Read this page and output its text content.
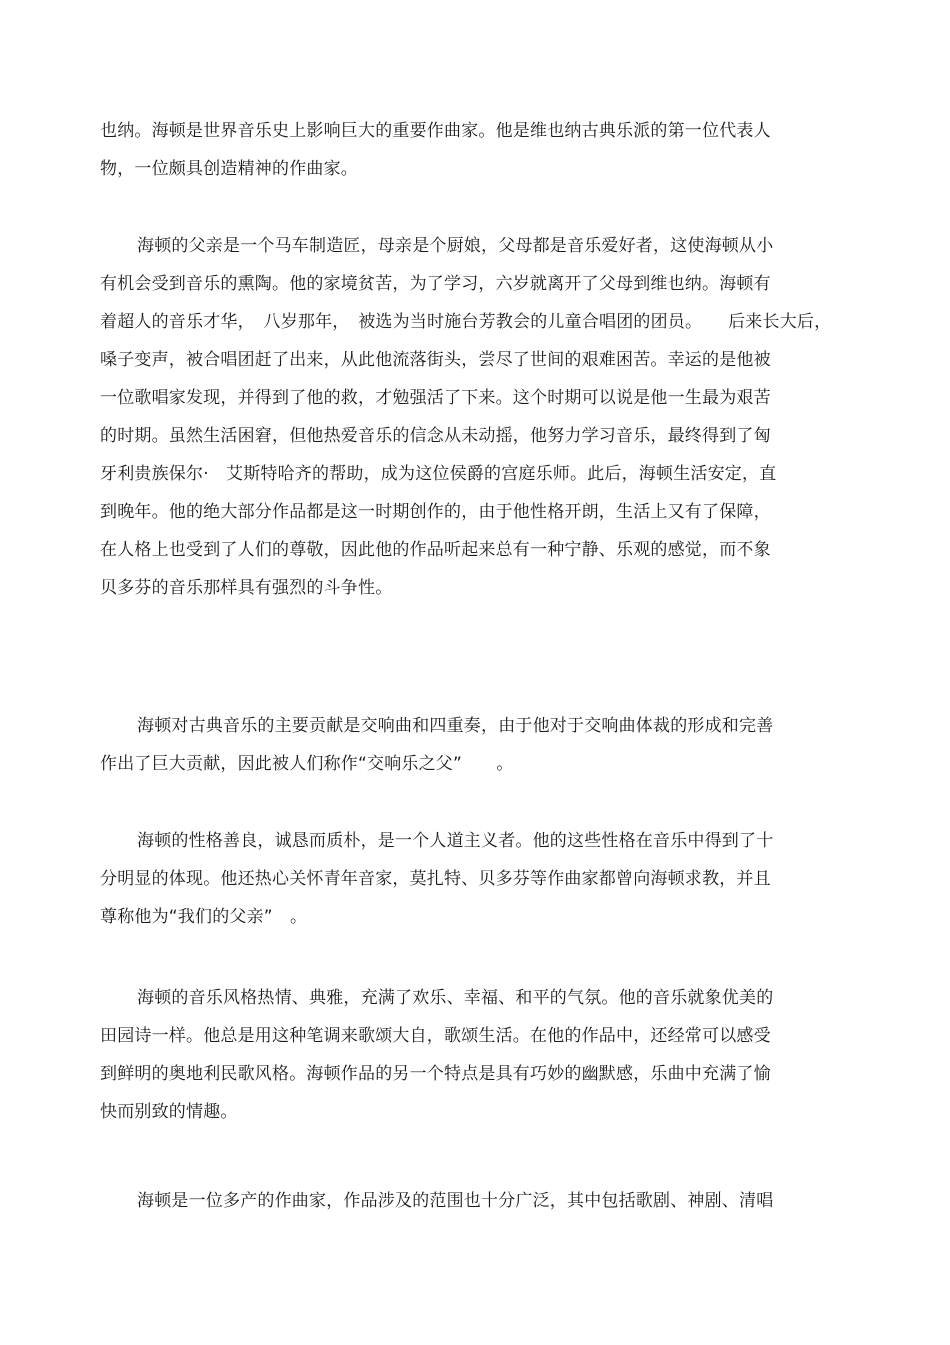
也纳。海顿是世界音乐史上影响巨大的重要作曲家。他是维也纳古典乐派的第一位代表人
物，一位颇具创造精神的作曲家。
海顿的父亲是一个马车制造匠，母亲是个厨娘，父母都是音乐爱好者，这使海顿从小
有机会受到音乐的熏陶。他的家境贫苦，为了学习，六岁就离开了父母到维也纳。海顿有
着超人的音乐才华，　八岁那年，　被选为当时施台芳教会的儿童合唱团的团员。　　后来长大后，
嗓子变声，被合唱团赶了出来，从此他流落街头，尝尽了世间的艰难困苦。幸运的是他被
一位歌唱家发现，并得到了他的救，才勉强活了下来。这个时期可以说是他一生最为艰苦
的时期。虽然生活困窘，但他热爱音乐的信念从未动摇，他努力学习音乐，最终得到了匈
牙利贵族保尔·　艾斯特哈齐的帮助，成为这位侯爵的宫庭乐师。此后，海顿生活安定，直
到晚年。他的绝大部分作品都是这一时期创作的，由于他性格开朗，生活上又有了保障，
在人格上也受到了人们的尊敬，因此他的作品听起来总有一种宁静、乐观的感觉，而不象
贝多芬的音乐那样具有强烈的斗争性。
海顿对古典音乐的主要贡献是交响曲和四重奏，由于他对于交响曲体裁的形成和完善
作出了巨大贡献，因此被人们称作“交响乐之父”　　。
海顿的性格善良，诚恳而质朴，是一个人道主义者。他的这些性格在音乐中得到了十
分明显的体现。他还热心关怀青年音家，莫扎特、贝多芬等作曲家都曾向海顿求教，并且
尊称他为“我们的父亲”　。
海顿的音乐风格热情、典雅，充满了欢乐、幸福、和平的气氛。他的音乐就象优美的
田园诗一样。他总是用这种笔调来歌颂大自，歌颂生活。在他的作品中，还经常可以感受
到鲜明的奥地利民歌风格。海顿作品的另一个特点是具有巧妙的幽默感，乐曲中充满了愉
快而别致的情趣。
海顿是一位多产的作曲家，作品涉及的范围也十分广泛，其中包括歌剧、神剧、清唱
